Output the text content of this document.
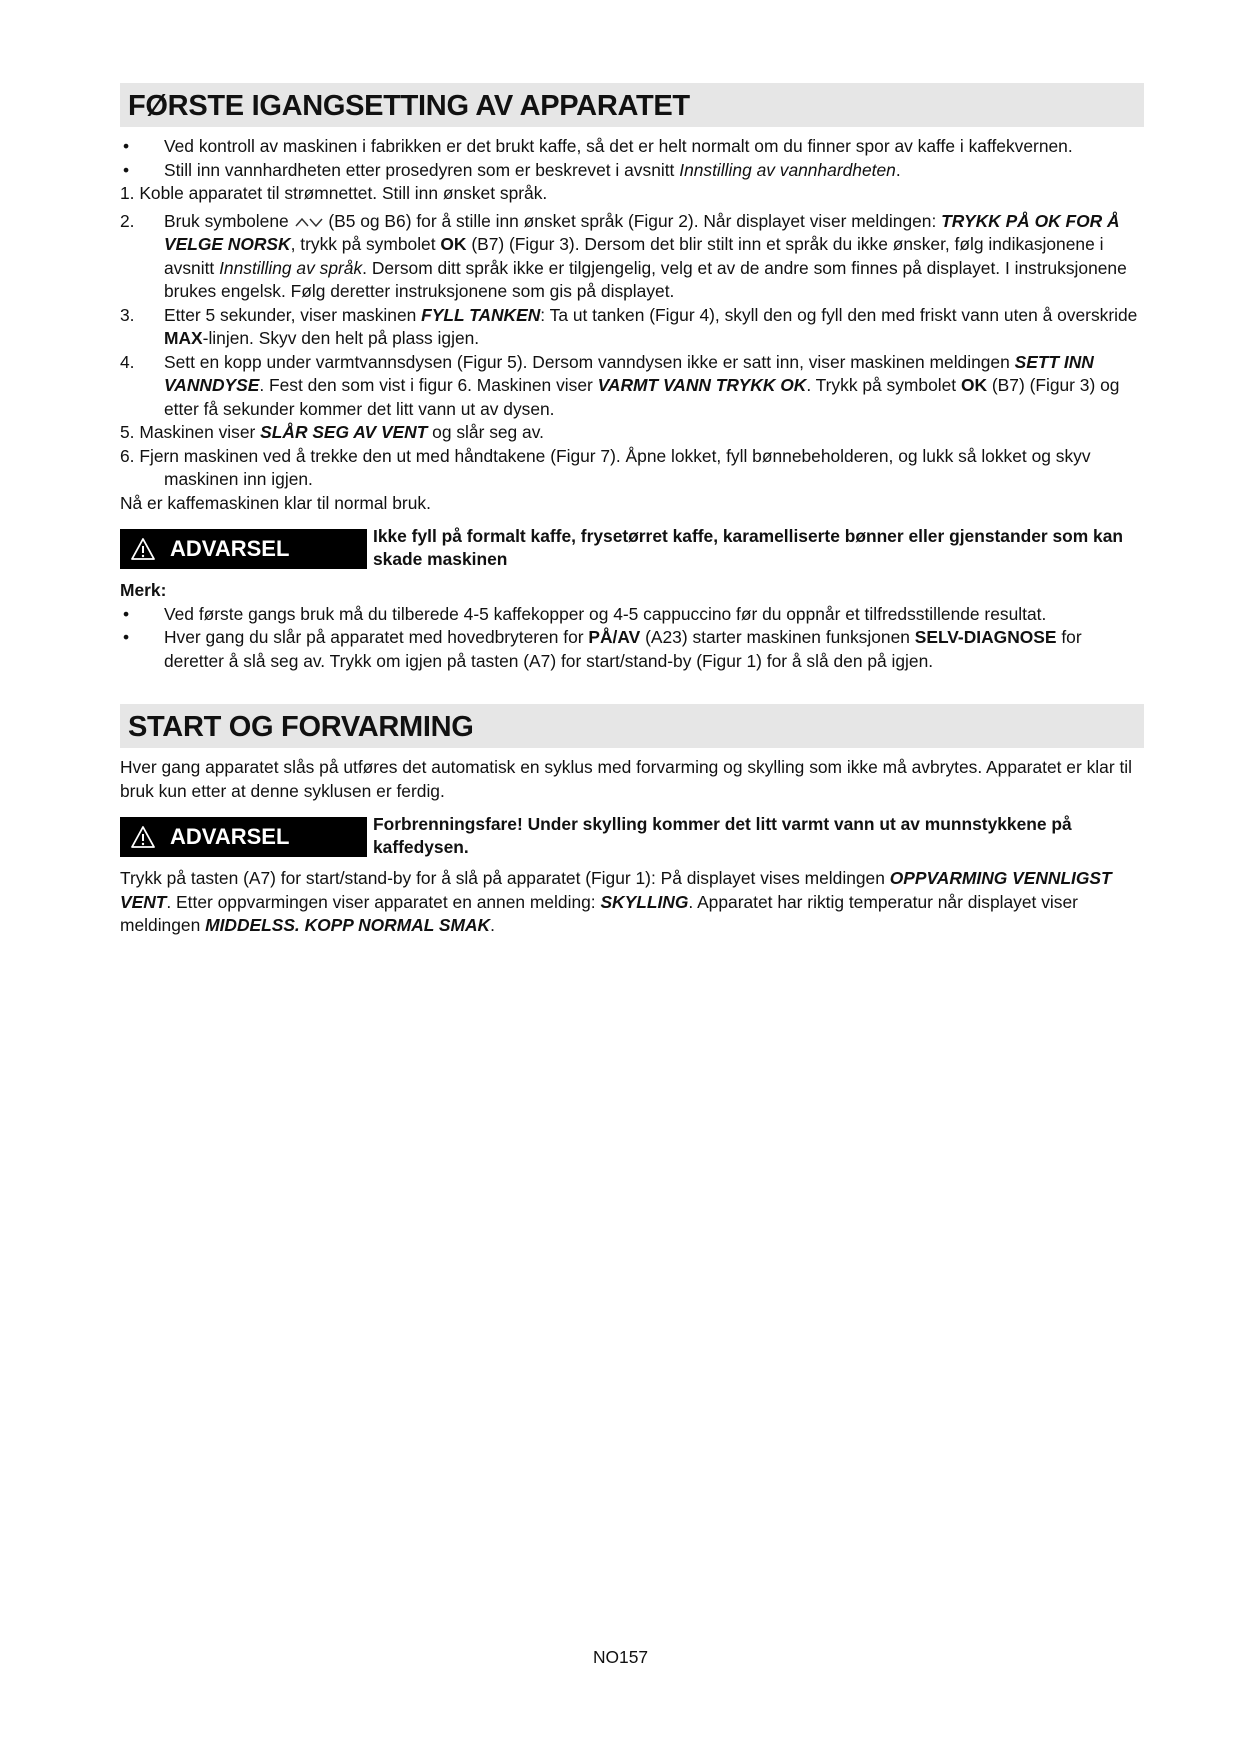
FØRSTE IGANGSETTING AV APPARATET
•	Ved kontroll av maskinen i fabrikken er det brukt kaffe, så det er helt normalt om du finner spor av kaffe i kaffekvernen.
•	Still inn vannhardheten etter prosedyren som er beskrevet i avsnitt Innstilling av vannhardheten.
1. Koble apparatet til strømnettet. Still inn ønsket språk.
2.	Bruk symbolene  (B5 og B6) for å stille inn ønsket språk (Figur 2). Når displayet viser meldingen: TRYKK PÅ OK FOR Å VELGE NORSK, trykk på symbolet OK (B7) (Figur 3). Dersom det blir stilt inn et språk du ikke ønsker, følg indikasjonene i avsnitt Innstilling av språk. Dersom ditt språk ikke er tilgjengelig, velg et av de andre som finnes på displayet. I instruksjonene brukes engelsk. Følg deretter instruksjonene som gis på displayet.
3.	Etter 5 sekunder, viser maskinen FYLL TANKEN: Ta ut tanken (Figur 4), skyll den og fyll den med friskt vann uten å overskride MAX-linjen. Skyv den helt på plass igjen.
4.	Sett en kopp under varmtvannsdysen (Figur 5). Dersom vanndysen ikke er satt inn, viser maskinen meldingen SETT INN VANNDYSE. Fest den som vist i figur 6. Maskinen viser VARMT VANN TRYKK OK. Trykk på symbolet OK (B7) (Figur 3) og etter få sekunder kommer det litt vann ut av dysen.
5. Maskinen viser SLÅR SEG AV VENT og slår seg av.
6. Fjern maskinen ved å trekke den ut med håndtakene (Figur 7). Åpne lokket, fyll bønnebeholderen, og lukk så lokket og skyv maskinen inn igjen.
Nå er kaffemaskinen klar til normal bruk.
ADVARSEL
Ikke fyll på formalt kaffe, frysetørret kaffe, karamelliserte bønner eller gjenstander som kan skade maskinen
Merk:
•	Ved første gangs bruk må du tilberede 4-5 kaffekopper og 4-5 cappuccino før du oppnår et tilfredsstillende resultat.
•	Hver gang du slår på apparatet med hovedbryteren for PÅ/AV (A23) starter maskinen funksjonen SELV-DIAGNOSE for deretter å slå seg av. Trykk om igjen på tasten (A7) for start/stand-by (Figur 1) for å slå den på igjen.
START OG FORVARMING

Hver gang apparatet slås på utføres det automatisk en syklus med forvarming og skylling som ikke må avbrytes. Apparatet er klar til bruk kun etter at denne syklusen er ferdig.

ADVARSEL
Forbrenningsfare! Under skylling kommer det litt varmt vann ut av munnstykkene på kaffedysen.

Trykk på tasten (A7) for start/stand-by for å slå på apparatet (Figur 1): På displayet vises meldingen OPPVARMING VENNLIGST VENT. Etter oppvarmingen viser apparatet en annen melding: SKYLLING. Apparatet har riktig temperatur når displayet viser meldingen MIDDELSS. KOPP NORMAL SMAK.

NO157
